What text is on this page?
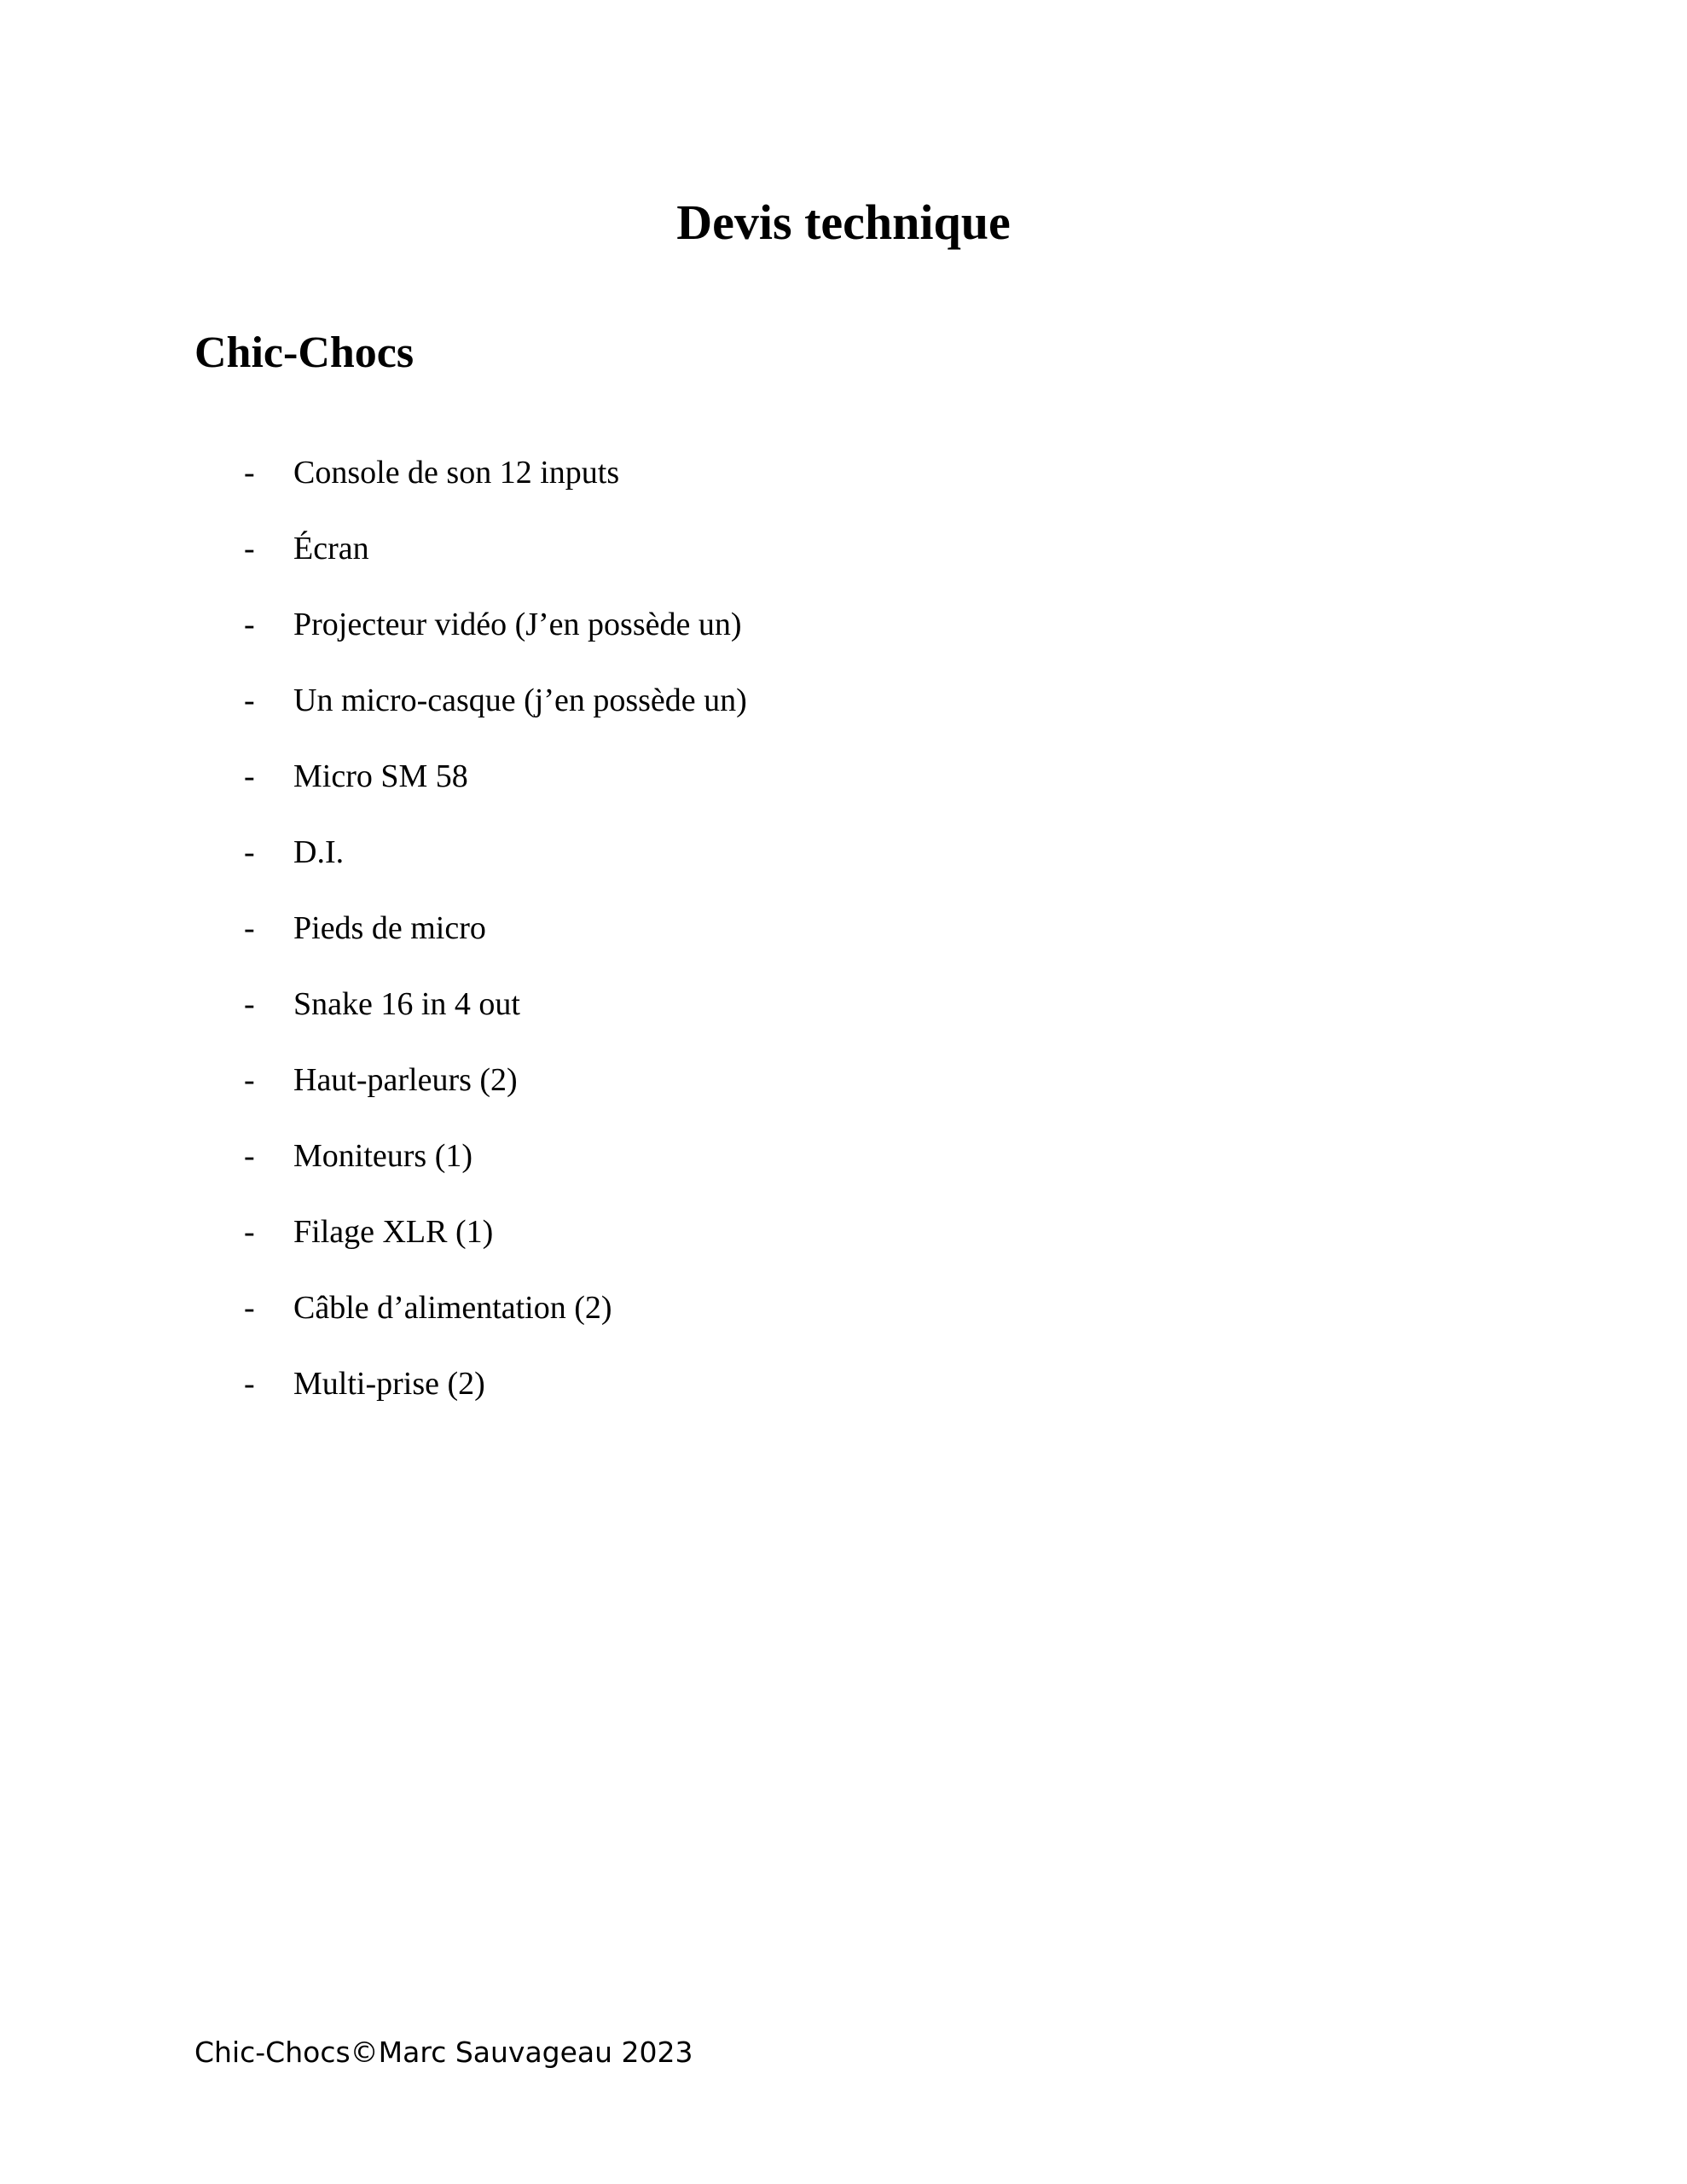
Devis technique
Chic-Chocs
-	Console de son 12 inputs
-	Écran
-	Projecteur vidéo (J’en possède un)
-	Un micro-casque (j’en possède un)
-	Micro SM 58
-	D.I.
-	Pieds de micro
-	Snake 16 in 4 out
-	Haut-parleurs (2)
-	Moniteurs (1)
-	Filage XLR (1)
-	Câble d’alimentation (2)
-	Multi-prise (2)

Chic-Chocs©Marc Sauvageau 2023
